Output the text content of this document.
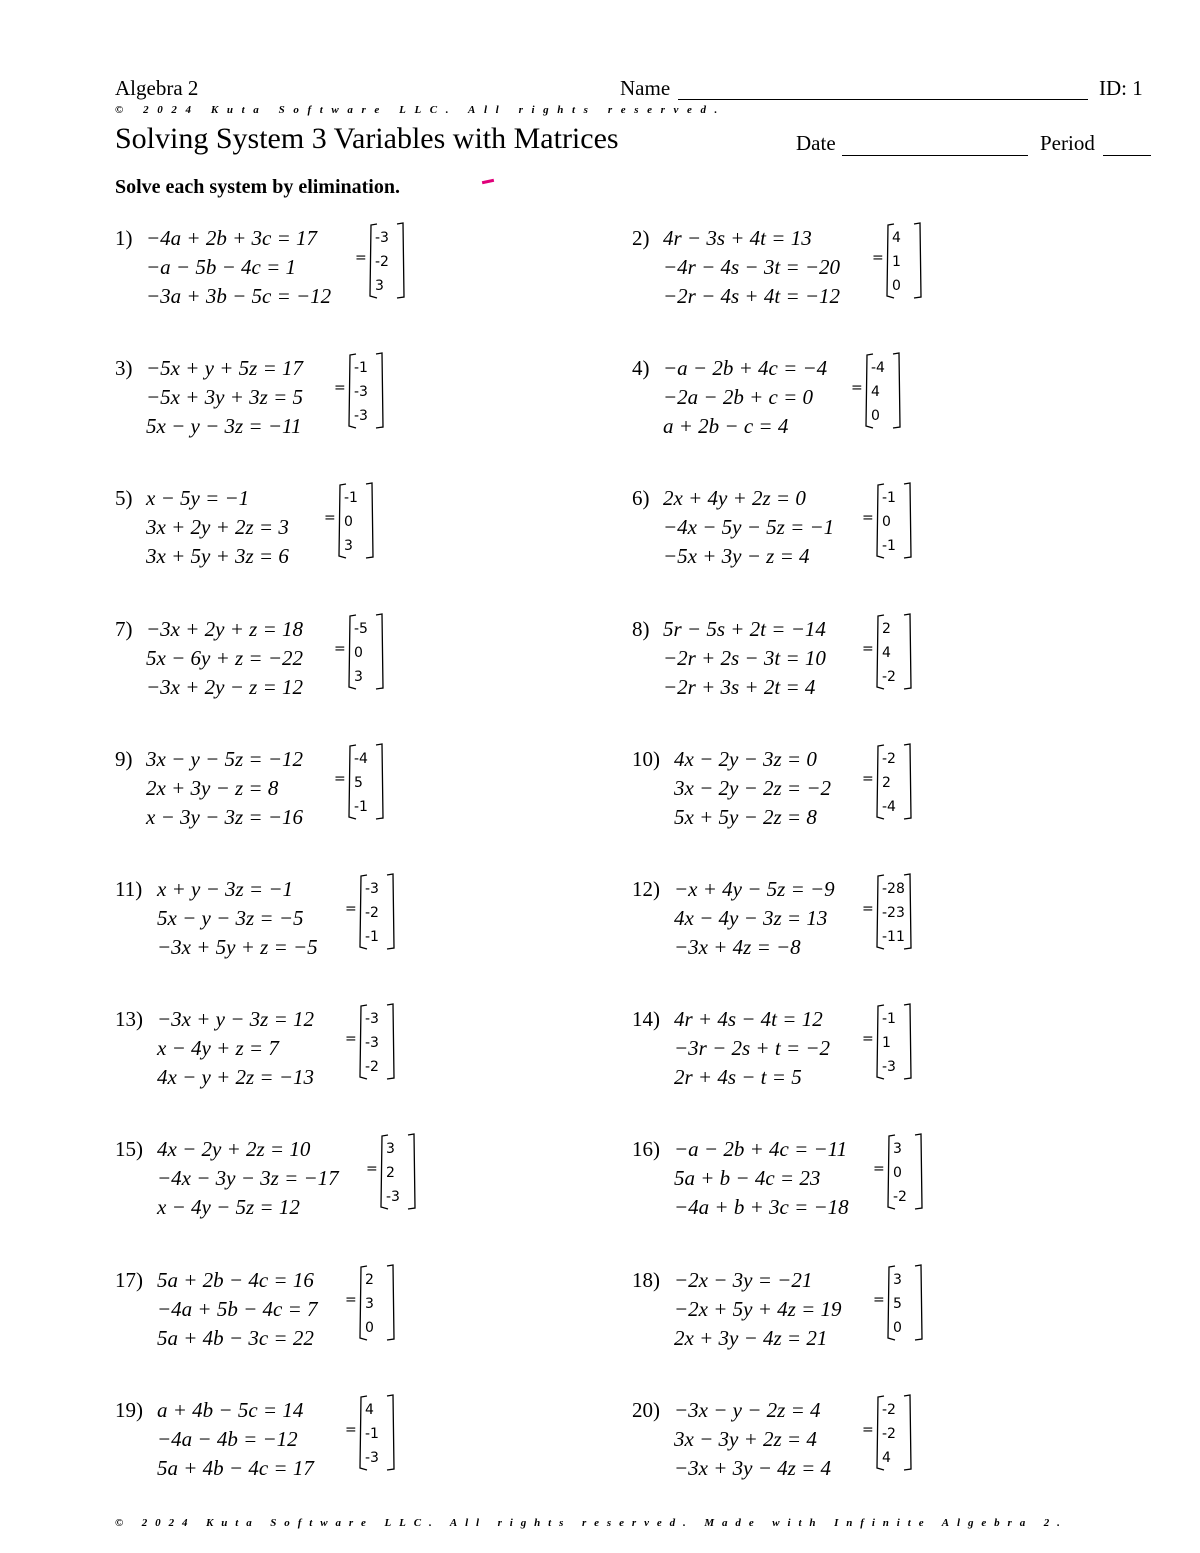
Algebra 2	Name	ID: 1
© 2024 Kuta Software LLC. All rights reserved.
Solving System 3 Variables with Matrices	Date	Period
Solve each system by elimination.
1) −4a + 2b + 3c = 17
−a − 5b − 4c = 1
−3a + 3b − 5c = −12
=
-3
-2
3
2) 4r − 3s + 4t = 13
−4r − 4s − 3t = −20
−2r − 4s + 4t = −12
=
4
1
0
3) −5x + y + 5z = 17
−5x + 3y + 3z = 5
5x − y − 3z = −11
=
-1
-3
-3
4) −a − 2b + 4c = −4
−2a − 2b + c = 0
a + 2b − c = 4
=
-4
4
0
5) x − 5y = −1
3x + 2y + 2z = 3
3x + 5y + 3z = 6
=
-1
0
3
6) 2x + 4y + 2z = 0
−4x − 5y − 5z = −1
−5x + 3y − z = 4
=
-1
0
-1
7) −3x + 2y + z = 18
5x − 6y + z = −22
−3x + 2y − z = 12
=
-5
0
3
8) 5r − 5s + 2t = −14
−2r + 2s − 3t = 10
−2r + 3s + 2t = 4
=
2
4
-2
9) 3x − y − 5z = −12
2x + 3y − z = 8
x − 3y − 3z = −16
=
-4
5
-1
10) 4x − 2y − 3z = 0
3x − 2y − 2z = −2
5x + 5y − 2z = 8
=
-2
2
-4
11) x + y − 3z = −1
5x − y − 3z = −5
−3x + 5y + z = −5
=
-3
-2
-1
12) −x + 4y − 5z = −9
4x − 4y − 3z = 13
−3x + 4z = −8
=
-28
-23
-11
13) −3x + y − 3z = 12
x − 4y + z = 7
4x − y + 2z = −13
=
-3
-3
-2
14) 4r + 4s − 4t = 12
−3r − 2s + t = −2
2r + 4s − t = 5
=
-1
1
-3
15) 4x − 2y + 2z = 10
−4x − 3y − 3z = −17
x − 4y − 5z = 12
=
3
2
-3
16) −a − 2b + 4c = −11
5a + b − 4c = 23
−4a + b + 3c = −18
=
3
0
-2
17) 5a + 2b − 4c = 16
−4a + 5b − 4c = 7
5a + 4b − 3c = 22
=
2
3
0
18) −2x − 3y = −21
−2x + 5y + 4z = 19
2x + 3y − 4z = 21
=
3
5
0
19) a + 4b − 5c = 14
−4a − 4b = −12
5a + 4b − 4c = 17
=
4
-1
-3
20) −3x − y − 2z = 4
3x − 3y + 2z = 4
−3x + 3y − 4z = 4
=
-2
-2
4
© 2024 Kuta Software LLC. All rights reserved. Made with Infinite Algebra 2.
